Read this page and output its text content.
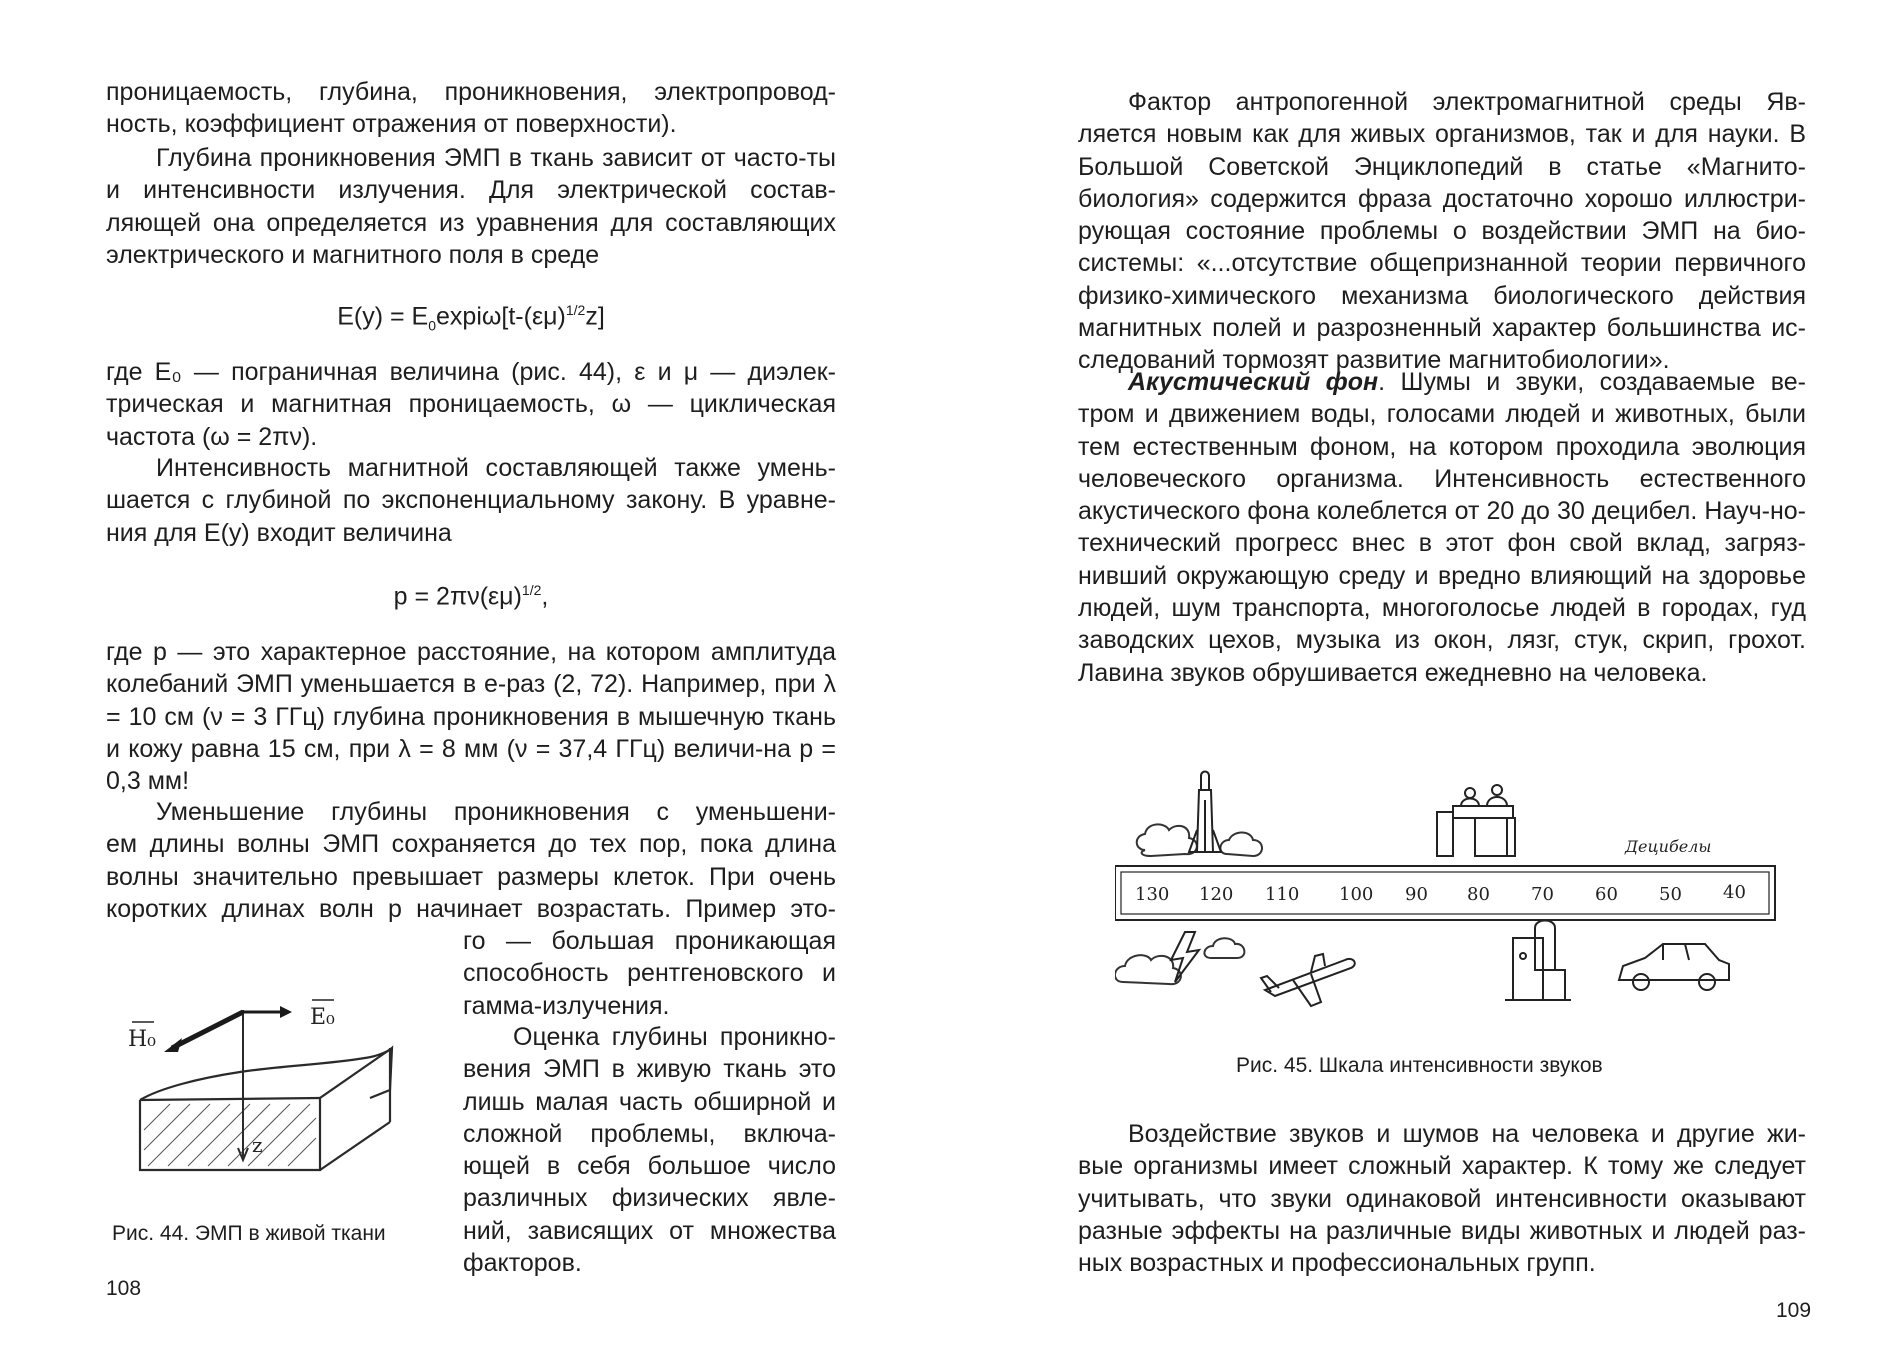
проницаемость, глубина, проникновения, электропровод-

ность, коэффициент отражения от поверхности).

Глубина проникновения ЭМП в ткань зависит от часто-ты и интенсивности излучения. Для электрической состав-ляющей она определяется из уравнения для составляющих электрического и магнитного поля в среде

$E(y) = E_0\exp i\omega[t-(\varepsilon\mu)^{1/2}z]$

где E₀ — пограничная величина (рис. 44), ε и μ — диэлек-трическая и магнитная проницаемость, ω — циклическая частота (ω = 2πν).

Интенсивность магнитной составляющей также умень-шается с глубиной по экспоненциальному закону. В уравне-ния для E(y) входит величина

$p = 2\pi\nu(\varepsilon\mu)^{1/2}$,

где p — это характерное расстояние, на котором амплитуда колебаний ЭМП уменьшается в е-раз (2, 72). Например, при λ = 10 см (ν = 3 ГГц) глубина проникновения в мышечную ткань и кожу равна 15 см, при λ = 8 мм (ν = 37,4 ГГц) величи-на p = 0,3 мм!

Уменьшение глубины проникновения с уменьшени-

ем длины волны ЭМП сохраняется до тех пор, пока длина

волны значительно превышает размеры клеток. При очень

коротких длинах волн p начинает возрастать. Пример это-

го — большая проникающая способность рентгеновского и гамма-излучения.

Оценка глубины проникно-вения ЭМП в живую ткань это лишь малая часть обширной и сложной проблемы, включа-ющей в себя большое число различных физических явле-ний, зависящих от множества факторов.

H₀
E₀
z
Рис. 44. ЭМП в живой ткани
108

Фактор антропогенной электромагнитной среды Яв-ляется новым как для живых организмов, так и для науки. В Большой Советской Энциклопедий в статье «Магнито-биология» содержится фраза достаточно хорошо иллюстри-рующая состояние проблемы о воздействии ЭМП на био-системы: «...отсутствие общепризнанной теории первичного физико-химического механизма биологического действия магнитных полей и разрозненный характер большинства ис-следований тормозят развитие магнитобиологии».

Акустический фон. Шумы и звуки, создаваемые ве-тром и движением воды, голосами людей и животных, были тем естественным фоном, на котором проходила эволюция человеческого организма. Интенсивность естественного акустического фона колеблется от 20 до 30 децибел. Науч-но-технический прогресс внес в этот фон свой вклад, загряз-нивший окружающую среду и вредно влияющий на здоровье людей, шум транспорта, многоголосье людей в городах, гуд заводских цехов, музыка из окон, лязг, стук, скрип, грохот. Лавина звуков обрушивается ежедневно на человека.

Децибелы
130 120 110 100 90 80 70 60 50 40
Рис. 45. Шкала интенсивности звуков

Воздействие звуков и шумов на человека и другие жи-вые организмы имеет сложный характер. К тому же следует учитывать, что звуки одинаковой интенсивности оказывают разные эффекты на различные виды животных и людей раз-ных возрастных и профессиональных групп.

109
